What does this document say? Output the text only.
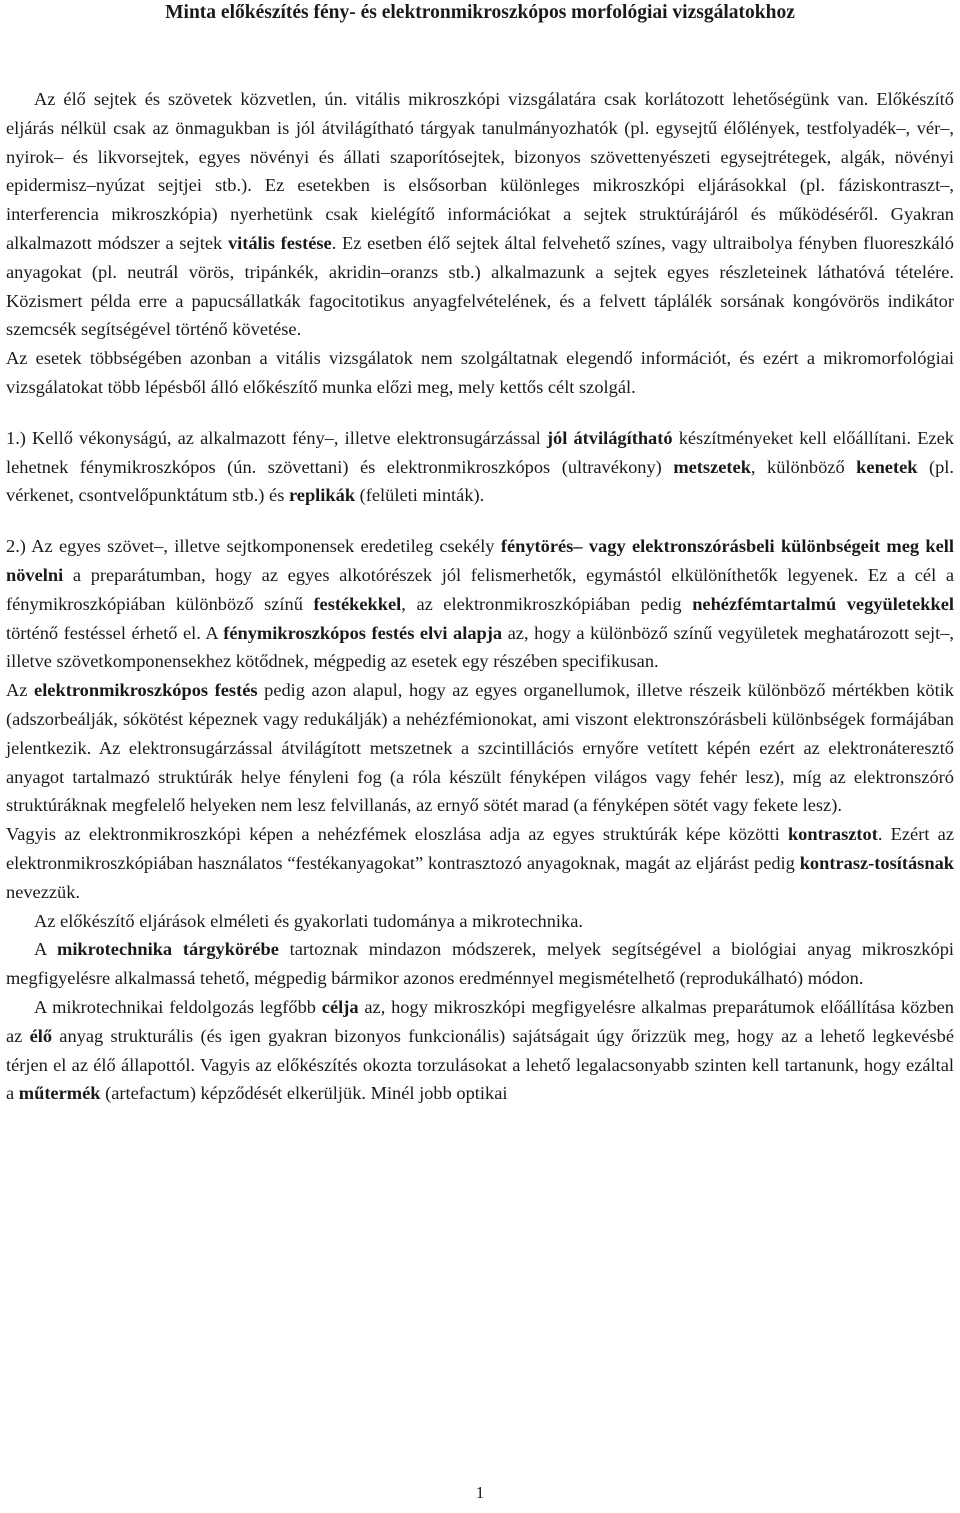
Minta előkészítés fény- és elektronmikroszkópos morfológiai vizsgálatokhoz

Az élő sejtek és szövetek közvetlen, ún. vitális mikroszkópi vizsgálatára csak korlátozott lehetőségünk van. Előkészítő eljárás nélkül csak az önmagukban is jól átvilágítható tárgyak tanulmányozhatók (pl. egysejtű élőlények, testfolyadék–, vér–, nyirok– és likvorsejtek, egyes növényi és állati szaporítósejtek, bizonyos szövettenyészeti egysejtrétegek, algák, növényi epidermisz–nyúzat sejtjei stb.). Ez esetekben is elsősorban különleges mikroszkópi eljárásokkal (pl. fáziskontraszt–, interferencia mikroszkópia) nyerhetünk csak kielégítő információkat a sejtek struktúrájáról és működéséről. Gyakran alkalmazott módszer a sejtek vitális festése. Ez esetben élő sejtek által felvehető színes, vagy ultraibolya fényben fluoreszkáló anyagokat (pl. neutrál vörös, tripánkék, akridin–oranzs stb.) alkalmazunk a sejtek egyes részleteinek láthatóvá tételére. Közismert példa erre a papucsállatkák fagocitotikus anyagfelvételének, és a felvett táplálék sorsának kongóvörös indikátor szemcsék segítségével történő követése.

Az esetek többségében azonban a vitális vizsgálatok nem szolgáltatnak elegendő információt, és ezért a mikromorfológiai vizsgálatokat több lépésből álló előkészítő munka előzi meg, mely kettős célt szolgál.

1.) Kellő vékonyságú, az alkalmazott fény–, illetve elektronsugárzással jól átvilágítható készítményeket kell előállítani. Ezek lehetnek fénymikroszkópos (ún. szövettani) és elektronmikroszkópos (ultravékony) metszetek, különböző kenetek (pl. vérkenet, csontvelőpunktátum stb.) és replikák (felületi minták).

2.) Az egyes szövet–, illetve sejtkomponensek eredetileg csekély fénytörés– vagy elektronszórásbeli különbségeit meg kell növelni a preparátumban, hogy az egyes alkotórészek jól felismerhetők, egymástól elkülöníthetők legyenek. Ez a cél a fénymikroszkópiában különböző színű festékekkel, az elektronmikroszkópiában pedig nehézfémtartalmú vegyületekkel történő festéssel érhető el. A fénymikroszkópos festés elvi alapja az, hogy a különböző színű vegyületek meghatározott sejt–, illetve szövetkomponensekhez kötődnek, mégpedig az esetek egy részében specifikusan.

Az elektronmikroszkópos festés pedig azon alapul, hogy az egyes organellumok, illetve részeik különböző mértékben kötik (adszorbeálják, sókötést képeznek vagy redukálják) a nehézfémionokat, ami viszont elektronszórásbeli különbségek formájában jelentkezik. Az elektronsugárzással átvilágított metszetnek a szcintillációs ernyőre vetített képén ezért az elektronáteresztő anyagot tartalmazó struktúrák helye fényleni fog (a róla készült fényképen világos vagy fehér lesz), míg az elektronszóró struktúráknak megfelelő helyeken nem lesz felvillanás, az ernyő sötét marad (a fényképen sötét vagy fekete lesz).

Vagyis az elektronmikroszkópi képen a nehézfémek eloszlása adja az egyes struktúrák képe közötti kontrasztot. Ezért az elektronmikroszkópiában használatos “festékanyagokat” kontrasztozó anyagoknak, magát az eljárást pedig kontrasz-tosításnak nevezzük.

Az előkészítő eljárások elméleti és gyakorlati tudománya a mikrotechnika.

A mikrotechnika tárgykörébe tartoznak mindazon módszerek, melyek segítségével a biológiai anyag mikroszkópi megfigyelésre alkalmassá tehető, mégpedig bármikor azonos eredménnyel megismételhető (reprodukálható) módon.

A mikrotechnikai feldolgozás legfőbb célja az, hogy mikroszkópi megfigyelésre alkalmas preparátumok előállítása közben az élő anyag strukturális (és igen gyakran bizonyos funkcionális) sajátságait úgy őrizzük meg, hogy az a lehető legkevésbé térjen el az élő állapottól. Vagyis az előkészítés okozta torzulásokat a lehető legalacsonyabb szinten kell tartanunk, hogy ezáltal a műtermék (artefactum) képződését elkerüljük. Minél jobb optikai

1
